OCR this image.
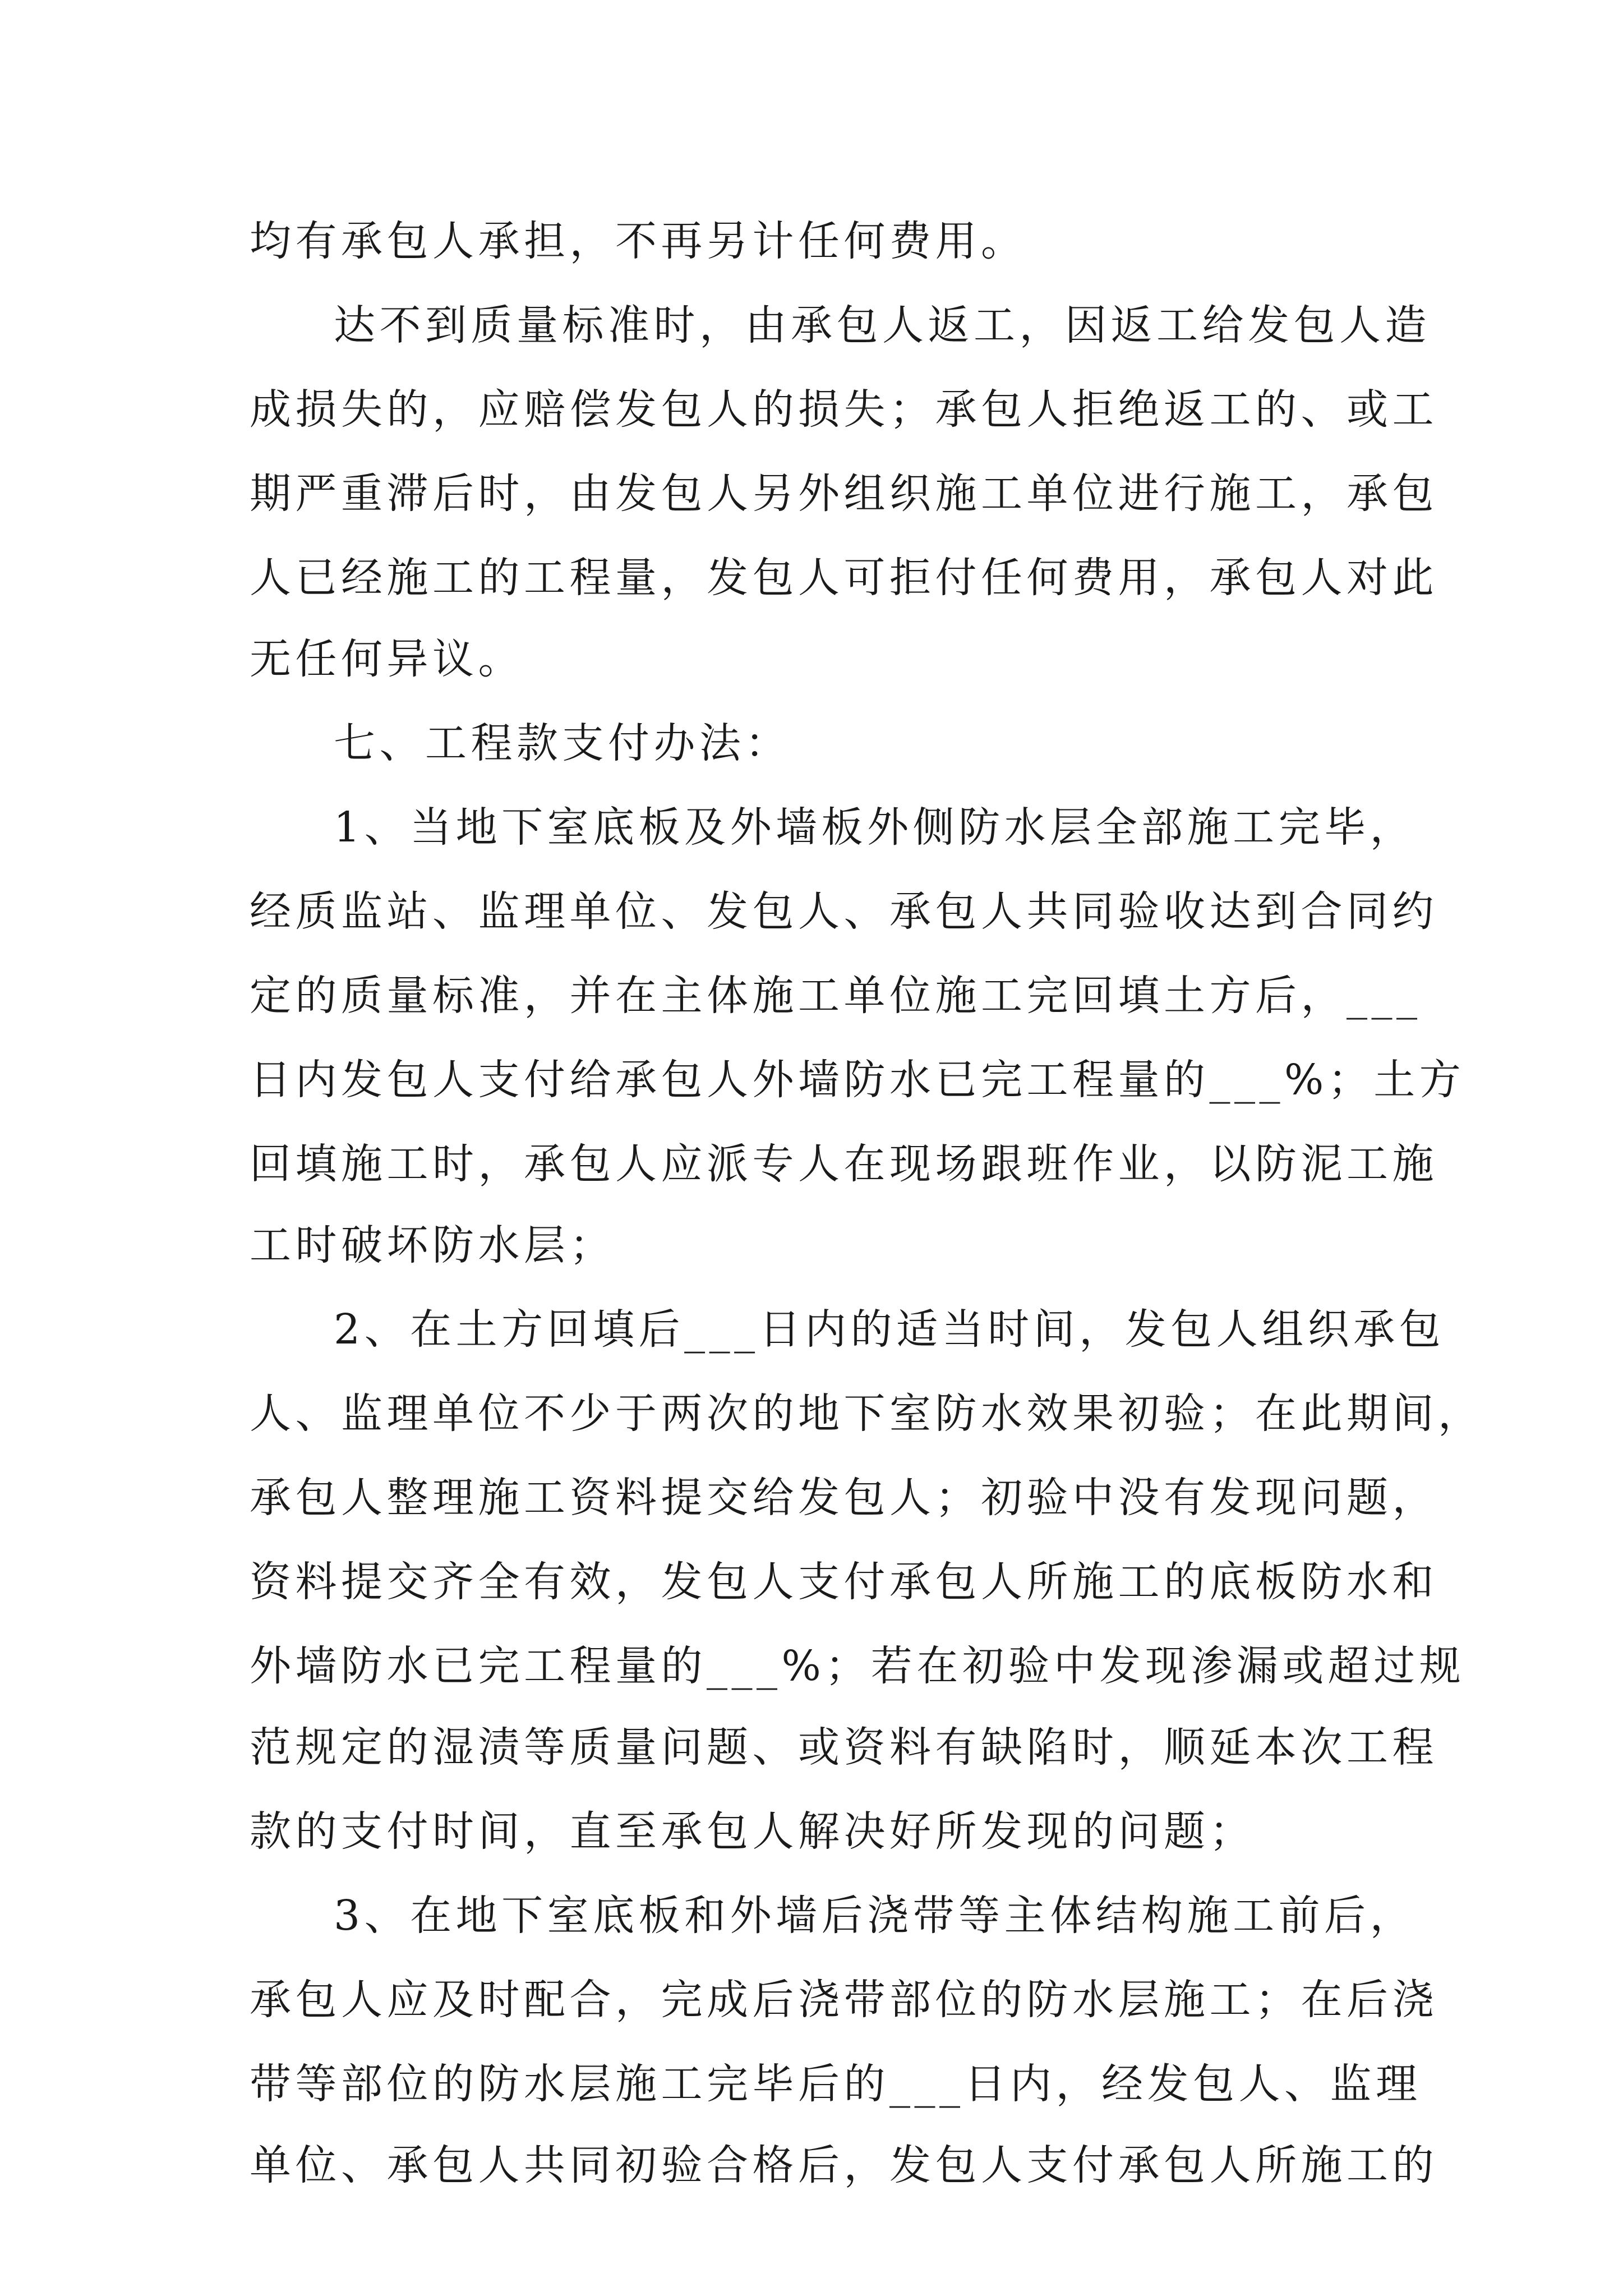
均有承包人承担，不再另计任何费用。
达不到质量标准时，由承包人返工，因返工给发包人造
成损失的，应赔偿发包人的损失；承包人拒绝返工的、或工
期严重滞后时，由发包人另外组织施工单位进行施工，承包
人已经施工的工程量，发包人可拒付任何费用，承包人对此
无任何异议。
七、工程款支付办法：
1、当地下室底板及外墙板外侧防水层全部施工完毕，
经质监站、监理单位、发包人、承包人共同验收达到合同约
定的质量标准，并在主体施工单位施工完回填土方后，___
日内发包人支付给承包人外墙防水已完工程量的___%；土方
回填施工时，承包人应派专人在现场跟班作业，以防泥工施
工时破坏防水层；
2、在土方回填后___日内的适当时间，发包人组织承包
人、监理单位不少于两次的地下室防水效果初验；在此期间，
承包人整理施工资料提交给发包人；初验中没有发现问题，
资料提交齐全有效，发包人支付承包人所施工的底板防水和
外墙防水已完工程量的___%；若在初验中发现渗漏或超过规
范规定的湿渍等质量问题、或资料有缺陷时，顺延本次工程
款的支付时间，直至承包人解决好所发现的问题；
3、在地下室底板和外墙后浇带等主体结构施工前后，
承包人应及时配合，完成后浇带部位的防水层施工；在后浇
带等部位的防水层施工完毕后的___日内，经发包人、监理
单位、承包人共同初验合格后，发包人支付承包人所施工的
